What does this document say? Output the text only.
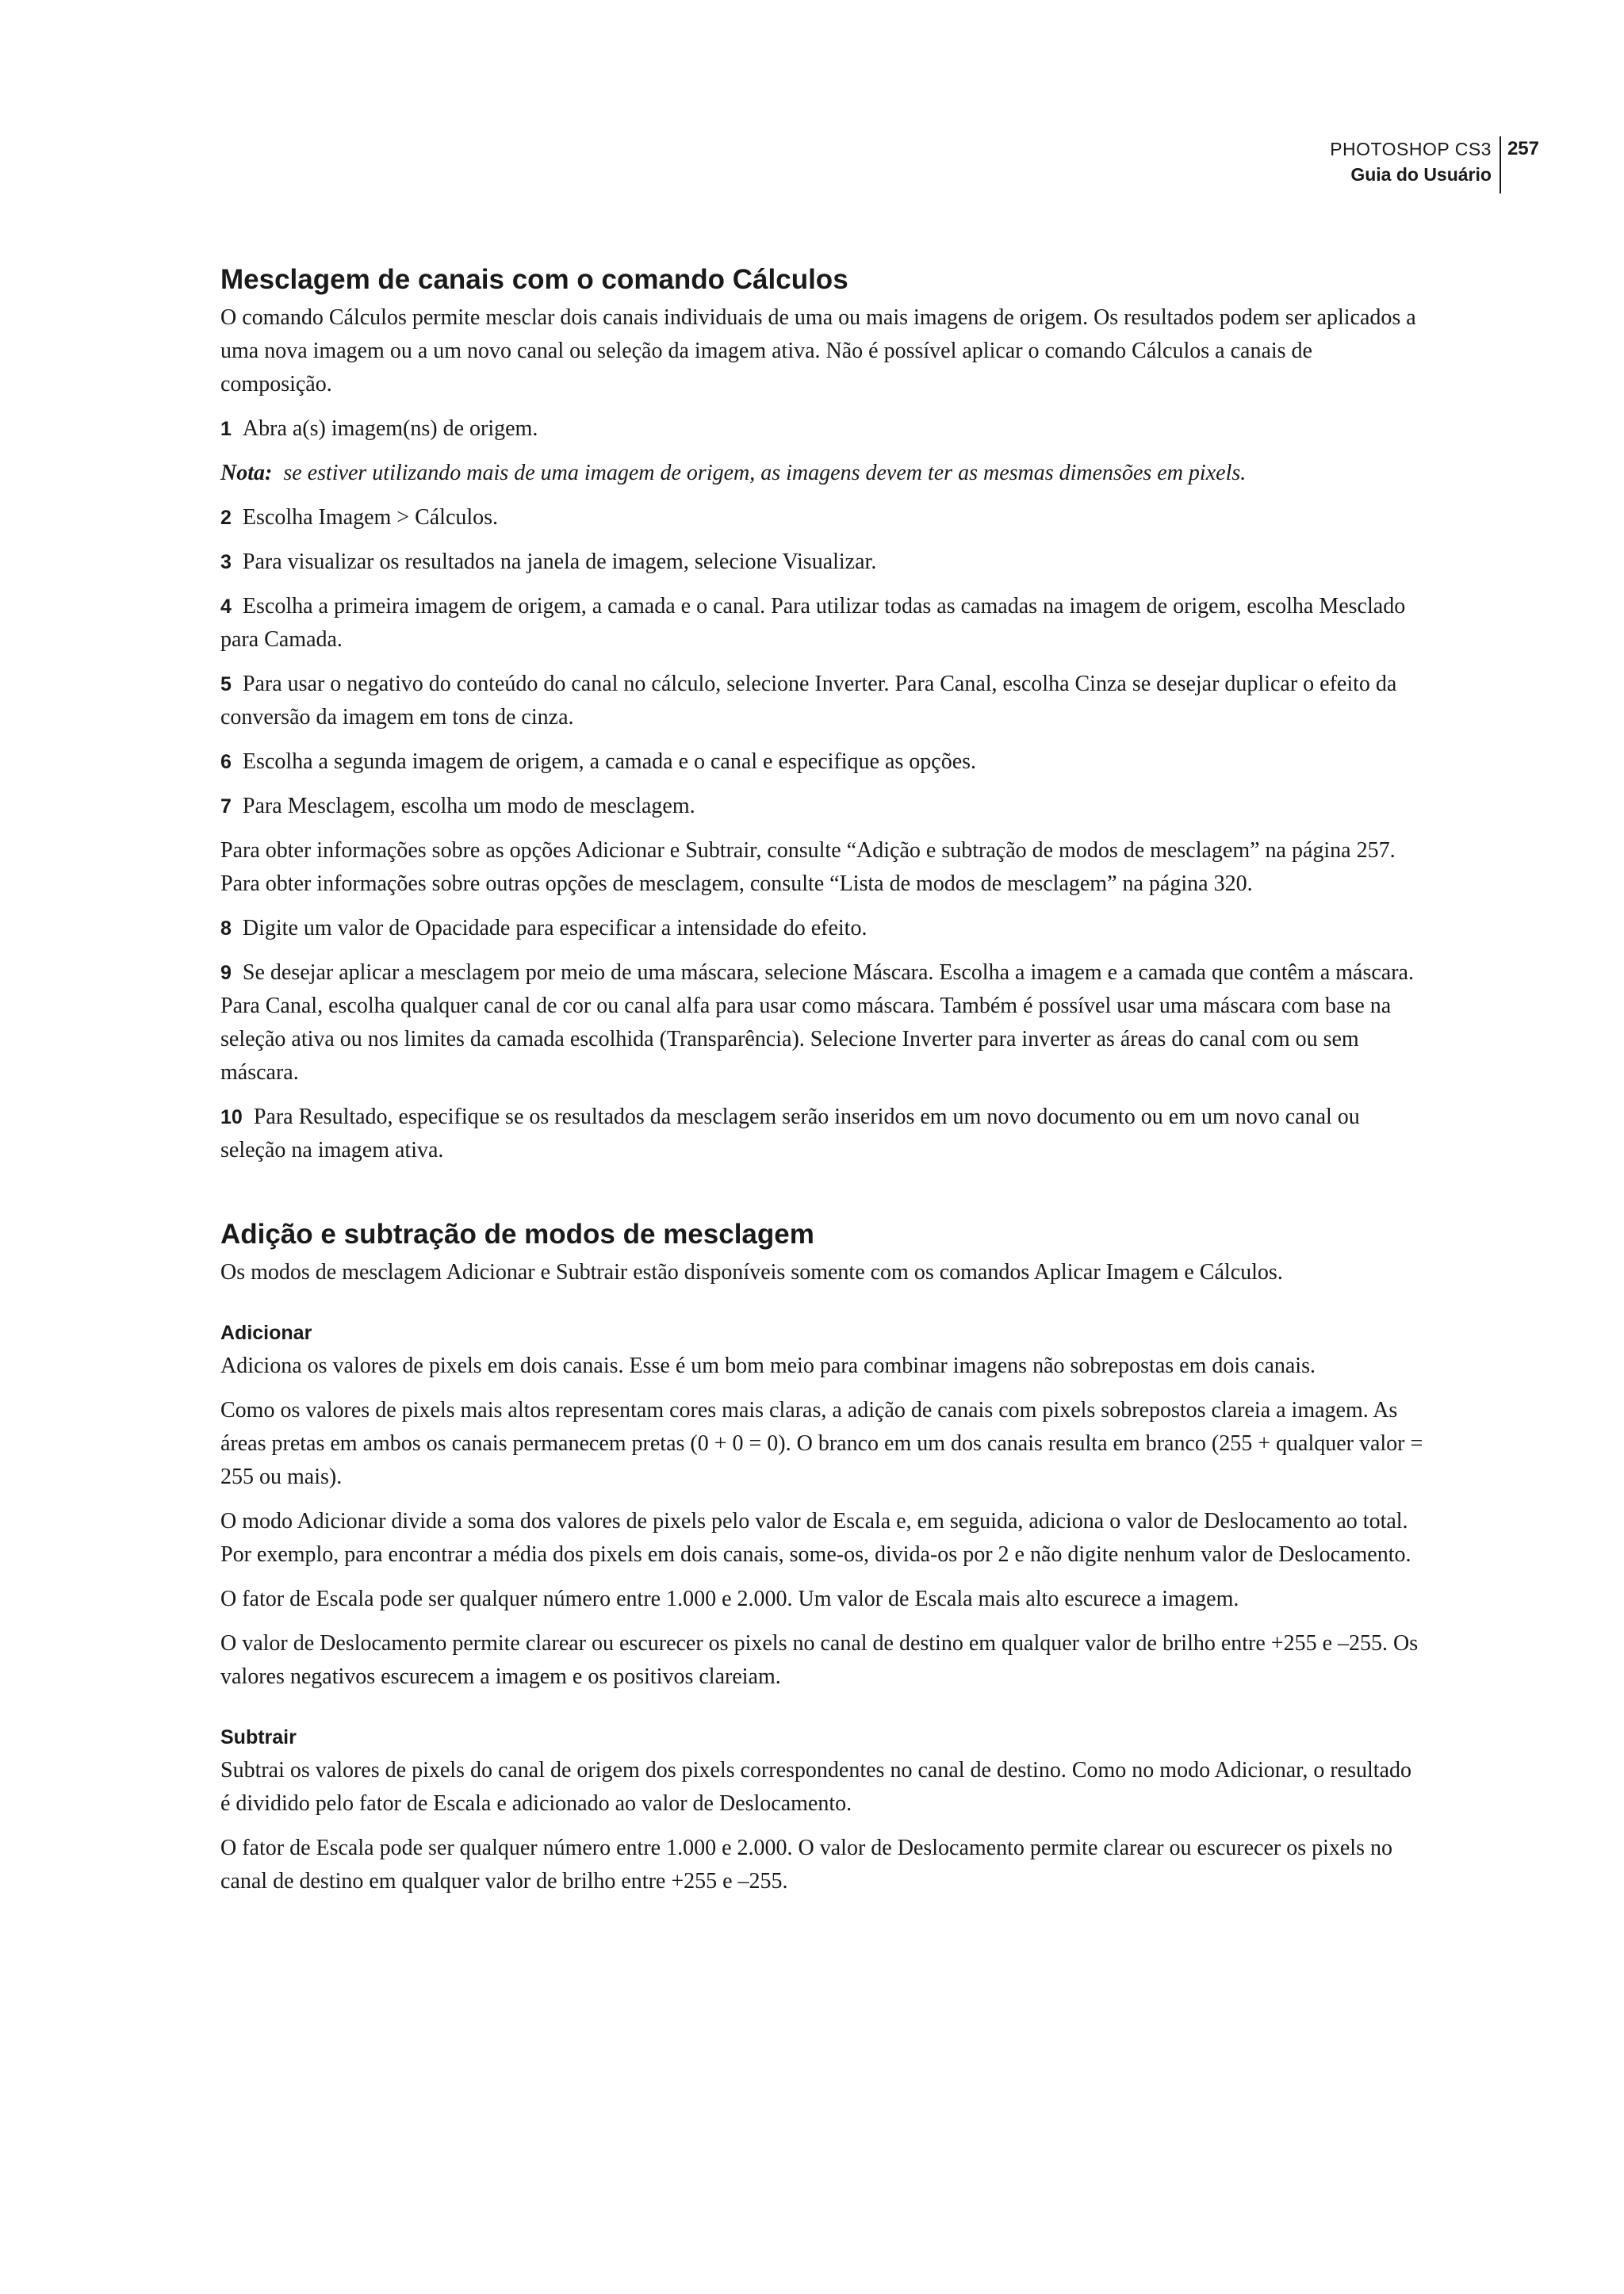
PHOTOSHOP CS3
Guia do Usuário
257
Mesclagem de canais com o comando Cálculos

O comando Cálculos permite mesclar dois canais individuais de uma ou mais imagens de origem. Os resultados podem ser aplicados a uma nova imagem ou a um novo canal ou seleção da imagem ativa. Não é possível aplicar o comando Cálculos a canais de composição.

1 Abra a(s) imagem(ns) de origem.

Nota: se estiver utilizando mais de uma imagem de origem, as imagens devem ter as mesmas dimensões em pixels.

2 Escolha Imagem > Cálculos.

3 Para visualizar os resultados na janela de imagem, selecione Visualizar.

4 Escolha a primeira imagem de origem, a camada e o canal. Para utilizar todas as camadas na imagem de origem, escolha Mesclado para Camada.

5 Para usar o negativo do conteúdo do canal no cálculo, selecione Inverter. Para Canal, escolha Cinza se desejar duplicar o efeito da conversão da imagem em tons de cinza.

6 Escolha a segunda imagem de origem, a camada e o canal e especifique as opções.

7 Para Mesclagem, escolha um modo de mesclagem.

Para obter informações sobre as opções Adicionar e Subtrair, consulte “Adição e subtração de modos de mesclagem” na página 257. Para obter informações sobre outras opções de mesclagem, consulte “Lista de modos de mesclagem” na página 320.

8 Digite um valor de Opacidade para especificar a intensidade do efeito.

9 Se desejar aplicar a mesclagem por meio de uma máscara, selecione Máscara. Escolha a imagem e a camada que contêm a máscara. Para Canal, escolha qualquer canal de cor ou canal alfa para usar como máscara. Também é possível usar uma máscara com base na seleção ativa ou nos limites da camada escolhida (Transparência). Selecione Inverter para inverter as áreas do canal com ou sem máscara.

10 Para Resultado, especifique se os resultados da mesclagem serão inseridos em um novo documento ou em um novo canal ou seleção na imagem ativa.

Adição e subtração de modos de mesclagem

Os modos de mesclagem Adicionar e Subtrair estão disponíveis somente com os comandos Aplicar Imagem e Cálculos.

Adicionar

Adiciona os valores de pixels em dois canais. Esse é um bom meio para combinar imagens não sobrepostas em dois canais.

Como os valores de pixels mais altos representam cores mais claras, a adição de canais com pixels sobrepostos clareia a imagem. As áreas pretas em ambos os canais permanecem pretas (0 + 0 = 0). O branco em um dos canais resulta em branco (255 + qualquer valor = 255 ou mais).

O modo Adicionar divide a soma dos valores de pixels pelo valor de Escala e, em seguida, adiciona o valor de Deslocamento ao total. Por exemplo, para encontrar a média dos pixels em dois canais, some-os, divida-os por 2 e não digite nenhum valor de Deslocamento.

O fator de Escala pode ser qualquer número entre 1.000 e 2.000. Um valor de Escala mais alto escurece a imagem.

O valor de Deslocamento permite clarear ou escurecer os pixels no canal de destino em qualquer valor de brilho entre +255 e –255. Os valores negativos escurecem a imagem e os positivos clareiam.

Subtrair

Subtrai os valores de pixels do canal de origem dos pixels correspondentes no canal de destino. Como no modo Adicionar, o resultado é dividido pelo fator de Escala e adicionado ao valor de Deslocamento.

O fator de Escala pode ser qualquer número entre 1.000 e 2.000. O valor de Deslocamento permite clarear ou escurecer os pixels no canal de destino em qualquer valor de brilho entre +255 e –255.
